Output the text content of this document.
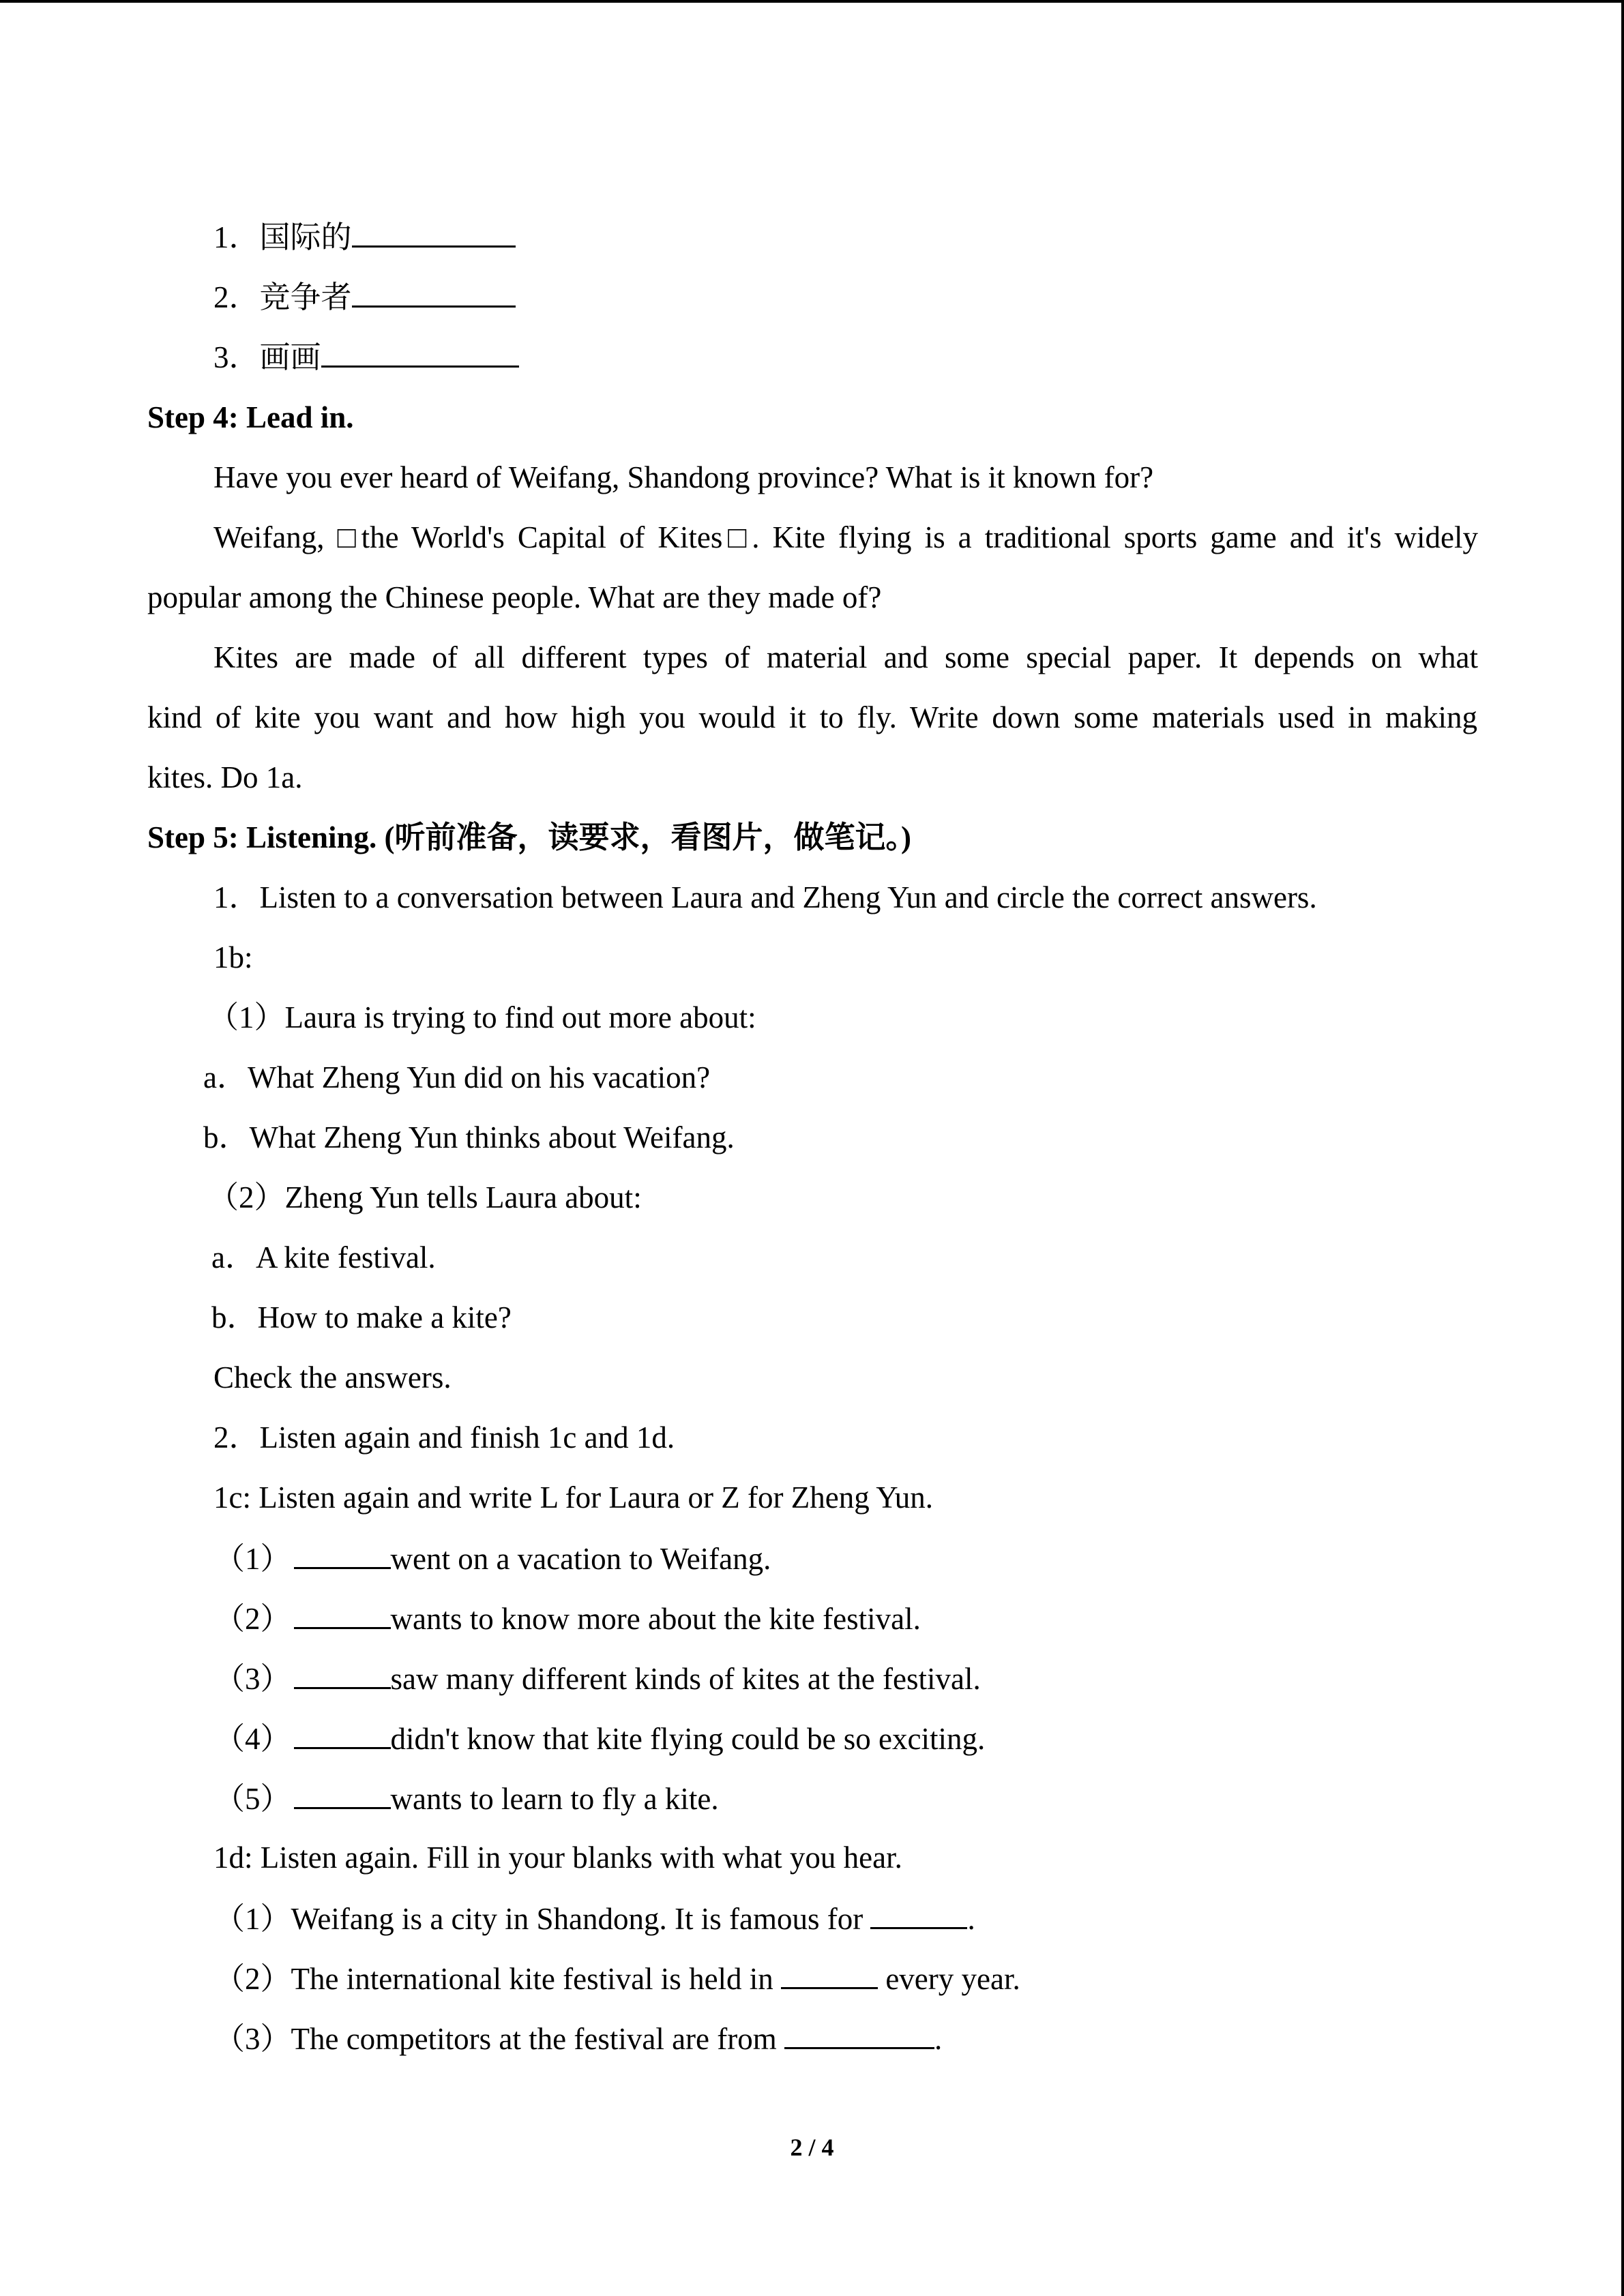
1．国际的
2．竞争者
3．画画
Step 4: Lead in.
Have you ever heard of Weifang, Shandong province? What is it known for?
Weifang, □the World's Capital of Kites□. Kite flying is a traditional sports game and it's widely
popular among the Chinese people. What are they made of?
Kites are made of all different types of material and some special paper. It depends on what
kind of kite you want and how high you would it to fly. Write down some materials used in making
kites. Do 1a.
Step 5: Listening. (听前准备，读要求，看图片，做笔记。)
1．Listen to a conversation between Laura and Zheng Yun and circle the correct answers.
1b:
（1）Laura is trying to find out more about:
a．What Zheng Yun did on his vacation?
b．What Zheng Yun thinks about Weifang.
（2）Zheng Yun tells Laura about:
a．A kite festival.
b．How to make a kite?
Check the answers.
2．Listen again and finish 1c and 1d.
1c: Listen again and write L for Laura or Z for Zheng Yun.
（1）	went on a vacation to Weifang.
（2）	wants to know more about the kite festival.
（3）	saw many different kinds of kites at the festival.
（4）	didn't know that kite flying could be so exciting.
（5）	wants to learn to fly a kite.
1d: Listen again. Fill in your blanks with what you hear.
（1）Weifang is a city in Shandong. It is famous for	.
（2）The international kite festival is held in	every year.
（3）The competitors at the festival are from	.
2 / 4
